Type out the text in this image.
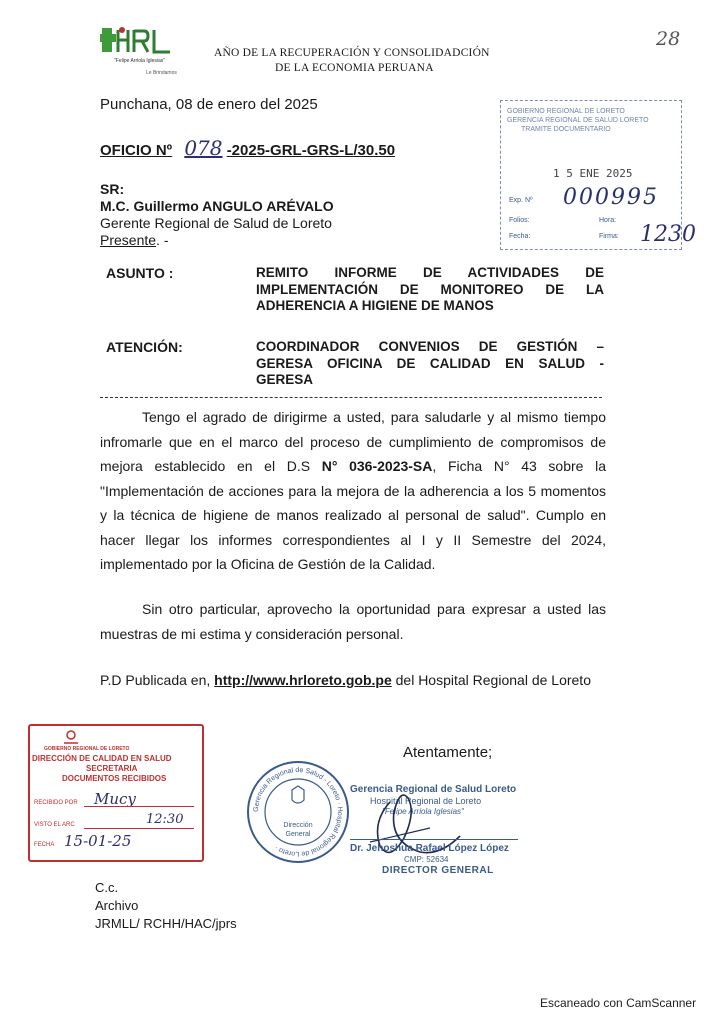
28
"Felipe Arriola Iglesias"
Le Brindamos
AÑO DE LA RECUPERACIÓN Y CONSOLIDADCIÓN
DE LA ECONOMIA PERUANA
Punchana, 08 de enero del 2025
OFICIO Nº 078 -2025-GRL-GRS-L/30.50
SR:
M.C. Guillermo ANGULO ARÉVALO
Gerente Regional de Salud de Loreto
Presente. -
GOBIERNO REGIONAL DE LORETO
GERENCIA REGIONAL DE SALUD LORETO
TRAMITE DOCUMENTARIO
1 5 ENE 2025
Exp. Nº 000995
Folios:	Hora:
Fecha:	Firma: 1230
ASUNTO :	REMITO INFORME DE ACTIVIDADES DE
IMPLEMENTACIÓN DE MONITOREO DE LA
ADHERENCIA A HIGIENE DE MANOS
ATENCIÓN:	COORDINADOR CONVENIOS DE GESTIÓN –
GERESA OFICINA DE CALIDAD EN SALUD -
GERESA
Tengo el agrado de dirigirme a usted, para saludarle y al mismo tiempo infromarle que en el marco del proceso de cumplimiento de compromisos de mejora establecido en el D.S N° 036-2023-SA, Ficha N° 43 sobre la "Implementación de acciones para la mejora de la adherencia a los 5 momentos y la técnica de higiene de manos realizado al personal de salud". Cumplo en hacer llegar los informes correspondientes al I y II Semestre del 2024, implementado por la Oficina de Gestión de la Calidad.
Sin otro particular, aprovecho la oportunidad para expresar a usted las muestras de mi estima y consideración personal.
P.D Publicada en, http://www.hrloreto.gob.pe del Hospital Regional de Loreto
GOBIERNO REGIONAL DE LORETO
DIRECCIÓN DE CALIDAD EN SALUD
SECRETARIA
DOCUMENTOS RECIBIDOS
RECIBIDO POR Mucy
VISTO EL ARC	12:30
FECHA 15-01-25
Atentamente;
Gerencia Regional de Salud - Loreto · Hospital Regional de Loreto ·
Dirección
General
Gerencia Regional de Salud Loreto
Hospital Regional de Loreto
"Felipe Arriola Iglesias"
Dr. Jehoshua Rafael López López
CMP: 52634
DIRECTOR GENERAL
C.c.
Archivo
JRMLL/ RCHH/HAC/jprs
Escaneado con CamScanner
